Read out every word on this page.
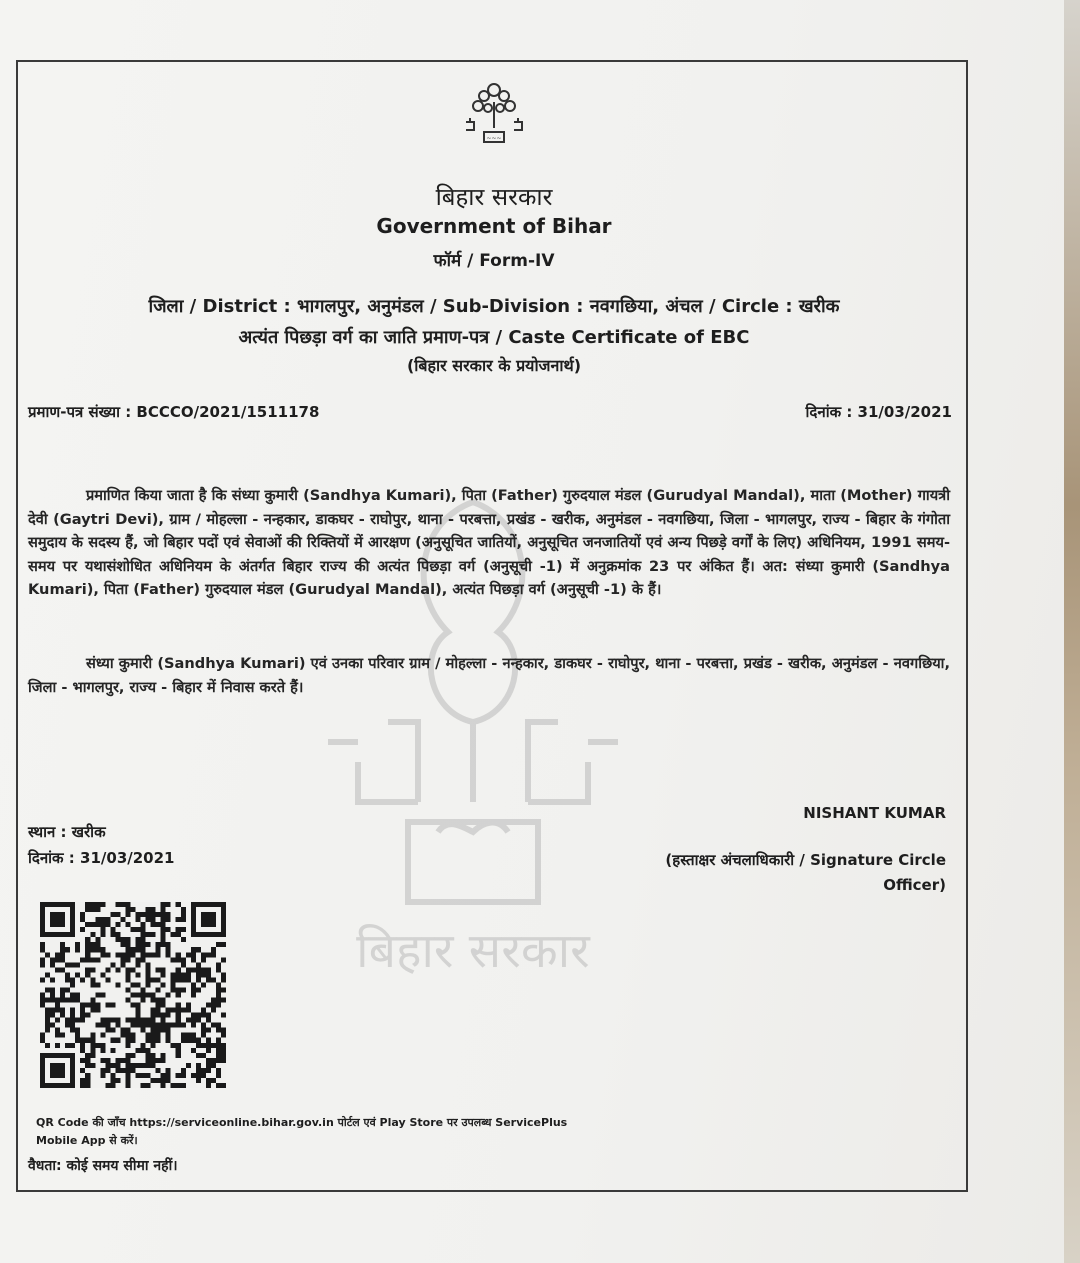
बिहार सरकार
~~~
बिहार सरकार
Government of Bihar
फॉर्म / Form-IV
जिला / District : भागलपुर, अनुमंडल / Sub-Division : नवगछिया, अंचल / Circle : खरीक
अत्यंत पिछड़ा वर्ग का जाति प्रमाण-पत्र / Caste Certificate of EBC
(बिहार सरकार के प्रयोजनार्थ)
प्रमाण-पत्र संख्या : BCCCO/2021/1511178	दिनांक : 31/03/2021
प्रमाणित किया जाता है कि संध्या कुमारी (Sandhya Kumari), पिता (Father) गुरुदयाल मंडल (Gurudyal Mandal), माता (Mother) गायत्री देवी (Gaytri Devi), ग्राम / मोहल्ला - नन्हकार, डाकघर - राघोपुर, थाना - परबत्ता, प्रखंड - खरीक, अनुमंडल - नवगछिया, जिला - भागलपुर, राज्य - बिहार के गंगोता समुदाय के सदस्य हैं, जो बिहार पदों एवं सेवाओं की रिक्तियों में आरक्षण (अनुसूचित जातियों, अनुसूचित जनजातियों एवं अन्य पिछड़े वर्गों के लिए) अधिनियम, 1991 समय-समय पर यथासंशोधित अधिनियम के अंतर्गत बिहार राज्य की अत्यंत पिछड़ा वर्ग (अनुसूची -1) में अनुक्रमांक 23 पर अंकित हैं। अत: संध्या कुमारी (Sandhya Kumari), पिता (Father) गुरुदयाल मंडल (Gurudyal Mandal), अत्यंत पिछड़ा वर्ग (अनुसूची -1) के हैं।
संध्या कुमारी (Sandhya Kumari) एवं उनका परिवार ग्राम / मोहल्ला - नन्हकार, डाकघर - राघोपुर, थाना - परबत्ता, प्रखंड - खरीक, अनुमंडल - नवगछिया, जिला - भागलपुर, राज्य - बिहार में निवास करते हैं।
NISHANT KUMAR
स्थान : खरीक
दिनांक : 31/03/2021	(हस्ताक्षर अंचलाधिकारी / Signature Circle
Officer)
QR Code की जाँच https://serviceonline.bihar.gov.in पोर्टल एवं Play Store पर उपलब्ध ServicePlus
Mobile App से करें।
वैधता: कोई समय सीमा नहीं।
